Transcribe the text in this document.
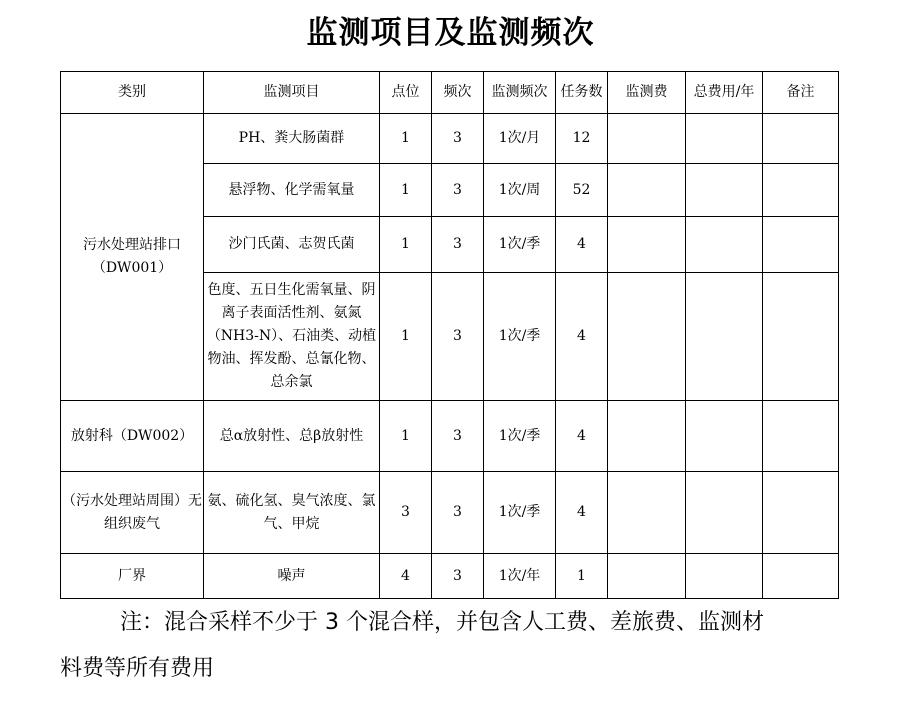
监测项目及监测频次
类别	监测项目	点位	频次	监测频次	任务数	监测费	总费用/年	备注
污水处理站排口（DW001）	PH、粪大肠菌群	1	3	1次/月	12			
	悬浮物、化学需氧量	1	3	1次/周	52			
	沙门氏菌、志贺氏菌	1	3	1次/季	4			
	色度、五日生化需氧量、阴离子表面活性剂、氨氮（NH3-N）、石油类、动植物油、挥发酚、总氰化物、总余氯	1	3	1次/季	4			
放射科（DW002）	总α放射性、总β放射性	1	3	1次/季	4			
（污水处理站周围）无组织废气	氨、硫化氢、臭气浓度、氯气、甲烷	3	3	1次/季	4			
厂界	噪声	4	3	1次/年	1			
注：混合采样不少于 3 个混合样，并包含人工费、差旅费、监测材
料费等所有费用
